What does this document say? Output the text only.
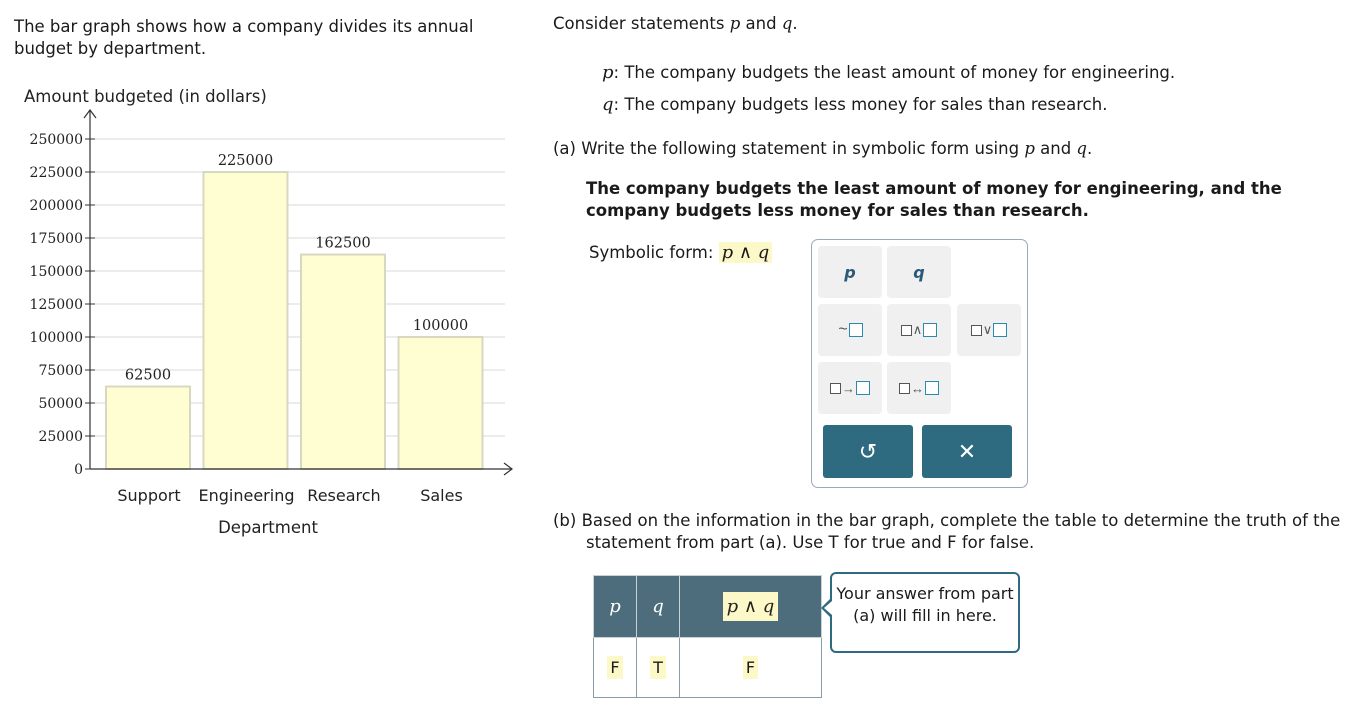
The bar graph shows how a company divides its annual budget by department.
0
25000
50000
75000
100000
125000
150000
175000
200000
225000
250000
62500
225000
162500
100000
Support Engineering Research Sales
Amount budgeted (in dollars)
Department
Consider statements p and q.
p: The company budgets the least amount of money for engineering.
q: The company budgets less money for sales than research.
(a) Write the following statement in symbolic form using p and q.
The company budgets the least amount of money for engineering, and the company budgets less money for sales than research.
Symbolic form:
p ∧ q
p	q
~	∧	∨
→	↔
↺	✕
(b) Based on the information in the bar graph, complete the table to determine the truth of the statement from part (a). Use T for true and F for false.
p	q	p ∧ q
F	T	F
Your answer from part (a) will fill in here.
